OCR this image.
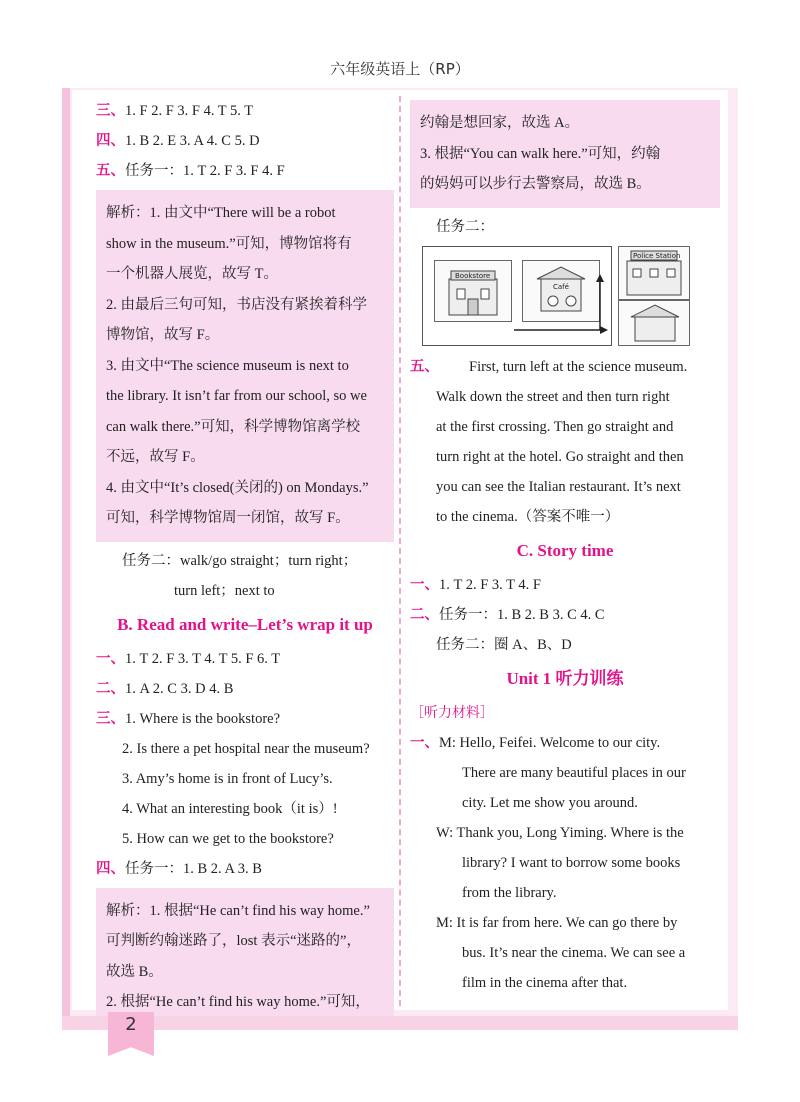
六年级英语上（RP）
三、1. F 2. F 3. F 4. T 5. T
四、1. B 2. E 3. A 4. C 5. D
五、任务一：1. T 2. F 3. F 4. F
解析：1. 由文中“There will be a robot
show in the museum.”可知，博物馆将有
一个机器人展览，故写 T。
2. 由最后三句可知，书店没有紧挨着科学
博物馆，故写 F。
3. 由文中“The science museum is next to
the library. It isn’t far from our school, so we
can walk there.”可知，科学博物馆离学校
不远，故写 F。
4. 由文中“It’s closed(关闭的) on Mondays.”
可知，科学博物馆周一闭馆，故写 F。
任务二：walk/go straight；turn right；
turn left；next to
B. Read and write–Let’s wrap it up
一、1. T 2. F 3. T 4. T 5. F 6. T
二、1. A 2. C 3. D 4. B
三、1. Where is the bookstore?
2. Is there a pet hospital near the museum?
3. Amy’s home is in front of Lucy’s.
4. What an interesting book（it is）!
5. How can we get to the bookstore?
四、任务一：1. B 2. A 3. B
解析：1. 根据“He can’t find his way home.”
可判断约翰迷路了，lost 表示“迷路的”，
故选 B。
2. 根据“He can’t find his way home.”可知，
约翰是想回家，故选 A。
3. 根据“You can walk here.”可知，约翰
的妈妈可以步行去警察局，故选 B。
任务二：
Bookstore
Café
Police Station
五、 First, turn left at the science museum.
Walk down the street and then turn right
at the first crossing. Then go straight and
turn right at the hotel. Go straight and then
you can see the Italian restaurant. It’s next
to the cinema.（答案不唯一）
C. Story time
一、1. T 2. F 3. T 4. F
二、任务一：1. B 2. B 3. C 4. C
任务二：圈 A、B、D
Unit 1 听力训练
［听力材料］
一、M: Hello, Feifei. Welcome to our city.
There are many beautiful places in our
city. Let me show you around.
W: Thank you, Long Yiming. Where is the
library? I want to borrow some books
from the library.
M: It is far from here. We can go there by
bus. It’s near the cinema. We can see a
film in the cinema after that.
2
